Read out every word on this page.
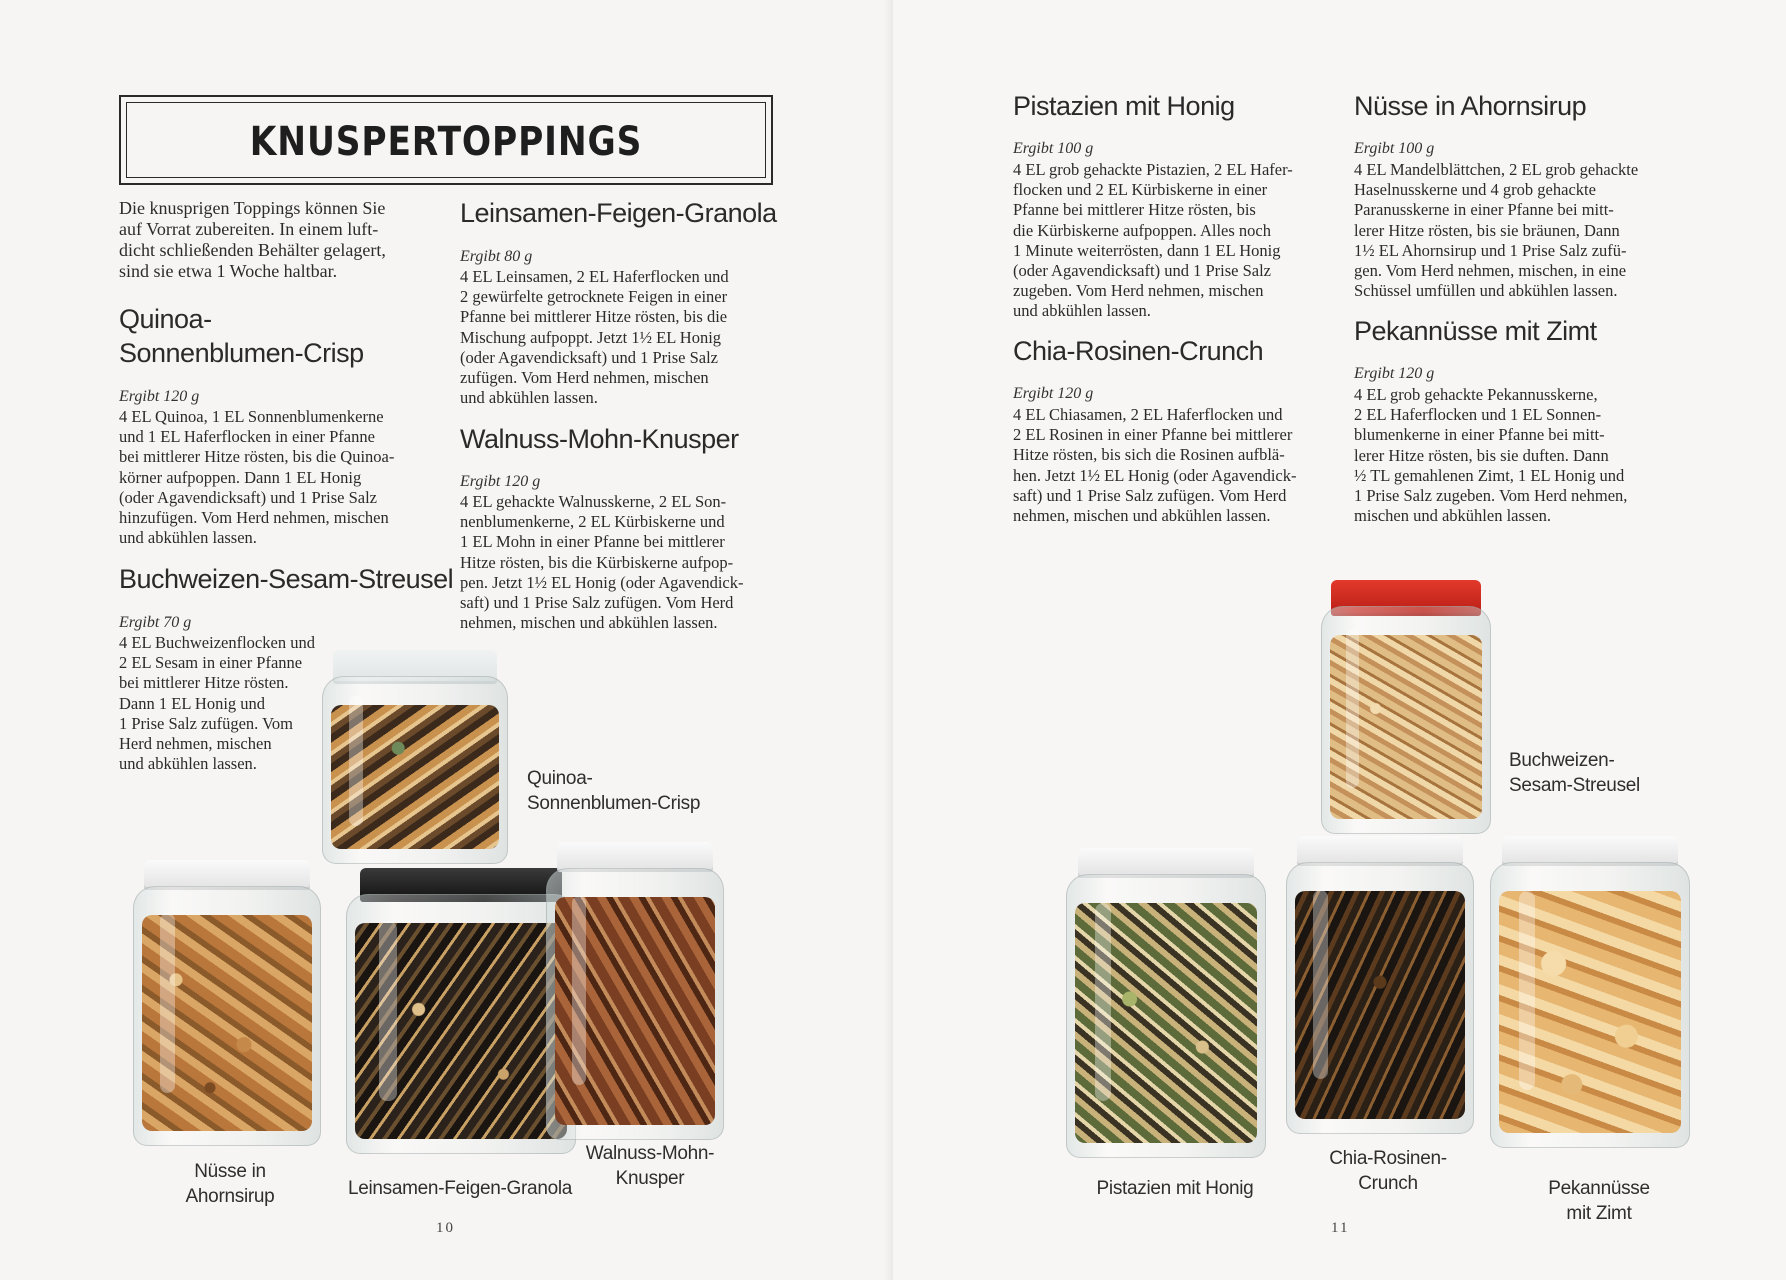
KNUSPERTOPPINGS

Die knusprigen Toppings können Sie
auf Vorrat zubereiten. In einem luft-
dicht schließenden Behälter gelagert,
sind sie etwa 1 Woche haltbar.

Quinoa-
Sonnenblumen-Crisp

Ergibt 120 g

4 EL Quinoa, 1 EL Sonnenblumenkerne
und 1 EL Haferflocken in einer Pfanne
bei mittlerer Hitze rösten, bis die Quinoa-
körner aufpoppen. Dann 1 EL Honig
(oder Agavendicksaft) und 1 Prise Salz
hinzufügen. Vom Herd nehmen, mischen
und abkühlen lassen.

Buchweizen-Sesam-Streusel

Ergibt 70 g

4 EL Buchweizenflocken und
2 EL Sesam in einer Pfanne
bei mittlerer Hitze rösten.
Dann 1 EL Honig und
1 Prise Salz zufügen. Vom
Herd nehmen, mischen
und abkühlen lassen.

Leinsamen-Feigen-Granola

Ergibt 80 g

4 EL Leinsamen, 2 EL Haferflocken und
2 gewürfelte getrocknete Feigen in einer
Pfanne bei mittlerer Hitze rösten, bis die
Mischung aufpoppt. Jetzt 1½ EL Honig
(oder Agavendicksaft) und 1 Prise Salz
zufügen. Vom Herd nehmen, mischen
und abkühlen lassen.

Walnuss-Mohn-Knusper

Ergibt 120 g

4 EL gehackte Walnusskerne, 2 EL Son-
nenblumenkerne, 2 EL Kürbiskerne und
1 EL Mohn in einer Pfanne bei mittlerer
Hitze rösten, bis die Kürbiskerne aufpop-
pen. Jetzt 1½ EL Honig (oder Agavendick-
saft) und 1 Prise Salz zufügen. Vom Herd
nehmen, mischen und abkühlen lassen.

Quinoa-
Sonnenblumen-Crisp

Nüsse in
Ahornsirup	Leinsamen-Feigen-Granola

Walnuss-Mohn-
Knusper

10
Pistazien mit Honig

Ergibt 100 g

4 EL grob gehackte Pistazien, 2 EL Hafer-
flocken und 2 EL Kürbiskerne in einer
Pfanne bei mittlerer Hitze rösten, bis
die Kürbiskerne aufpoppen. Alles noch
1 Minute weiterrösten, dann 1 EL Honig
(oder Agavendicksaft) und 1 Prise Salz
zugeben. Vom Herd nehmen, mischen
und abkühlen lassen.

Chia-Rosinen-Crunch

Ergibt 120 g

4 EL Chiasamen, 2 EL Haferflocken und
2 EL Rosinen in einer Pfanne bei mittlerer
Hitze rösten, bis sich die Rosinen aufblä-
hen. Jetzt 1½ EL Honig (oder Agavendick-
saft) und 1 Prise Salz zufügen. Vom Herd
nehmen, mischen und abkühlen lassen.

Nüsse in Ahornsirup

Ergibt 100 g

4 EL Mandelblättchen, 2 EL grob gehackte
Haselnusskerne und 4 grob gehackte
Paranusskerne in einer Pfanne bei mitt-
lerer Hitze rösten, bis sie bräunen, Dann
1½ EL Ahornsirup und 1 Prise Salz zufü-
gen. Vom Herd nehmen, mischen, in eine
Schüssel umfüllen und abkühlen lassen.

Pekannüsse mit Zimt

Ergibt 120 g

4 EL grob gehackte Pekannusskerne,
2 EL Haferflocken und 1 EL Sonnen-
blumenkerne in einer Pfanne bei mitt-
lerer Hitze rösten, bis sie duften. Dann
½ TL gemahlenen Zimt, 1 EL Honig und
1 Prise Salz zugeben. Vom Herd nehmen,
mischen und abkühlen lassen.

Buchweizen-
Sesam-Streusel

Pistazien mit Honig

Chia-Rosinen-
Crunch	Pekannüsse
mit Zimt

11
